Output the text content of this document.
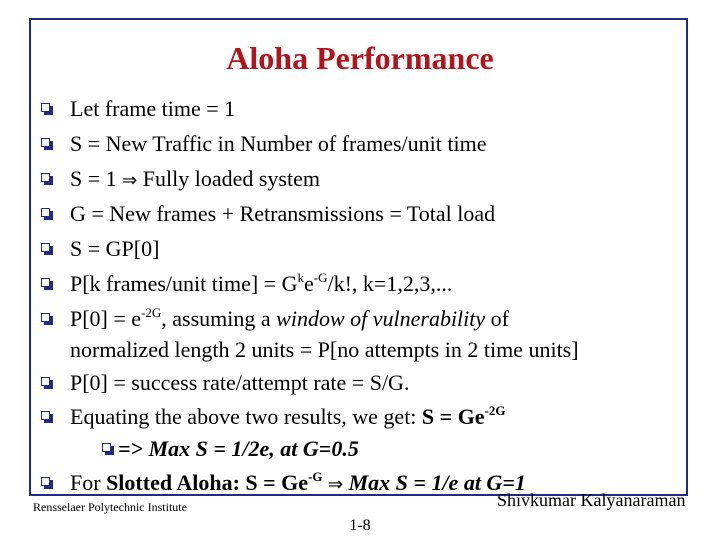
Aloha Performance
Let frame time = 1
S = New Traffic in Number of frames/unit time
S = 1 ⇒ Fully loaded system
G = New frames + Retransmissions = Total load
S = GP[0]
P[k frames/unit time] = $G^ke^{-G}/k$!, k=1,2,3,...
$P[0] = e^{-2G}$, assuming a window of vulnerability of
normalized length 2 units = P[no attempts in 2 time units]
P[0] = success rate/attempt rate = S/G.
Equating the above two results, we get: $S = Ge^{-2G}$
=> Max S = 1/2e, at G=0.5
For Slotted Aloha: $S = Ge^{-G}$ ⇒ Max S = 1/e at G=1
Rensselaer Polytechnic Institute	Shivkumar Kalyanaraman
1-8
